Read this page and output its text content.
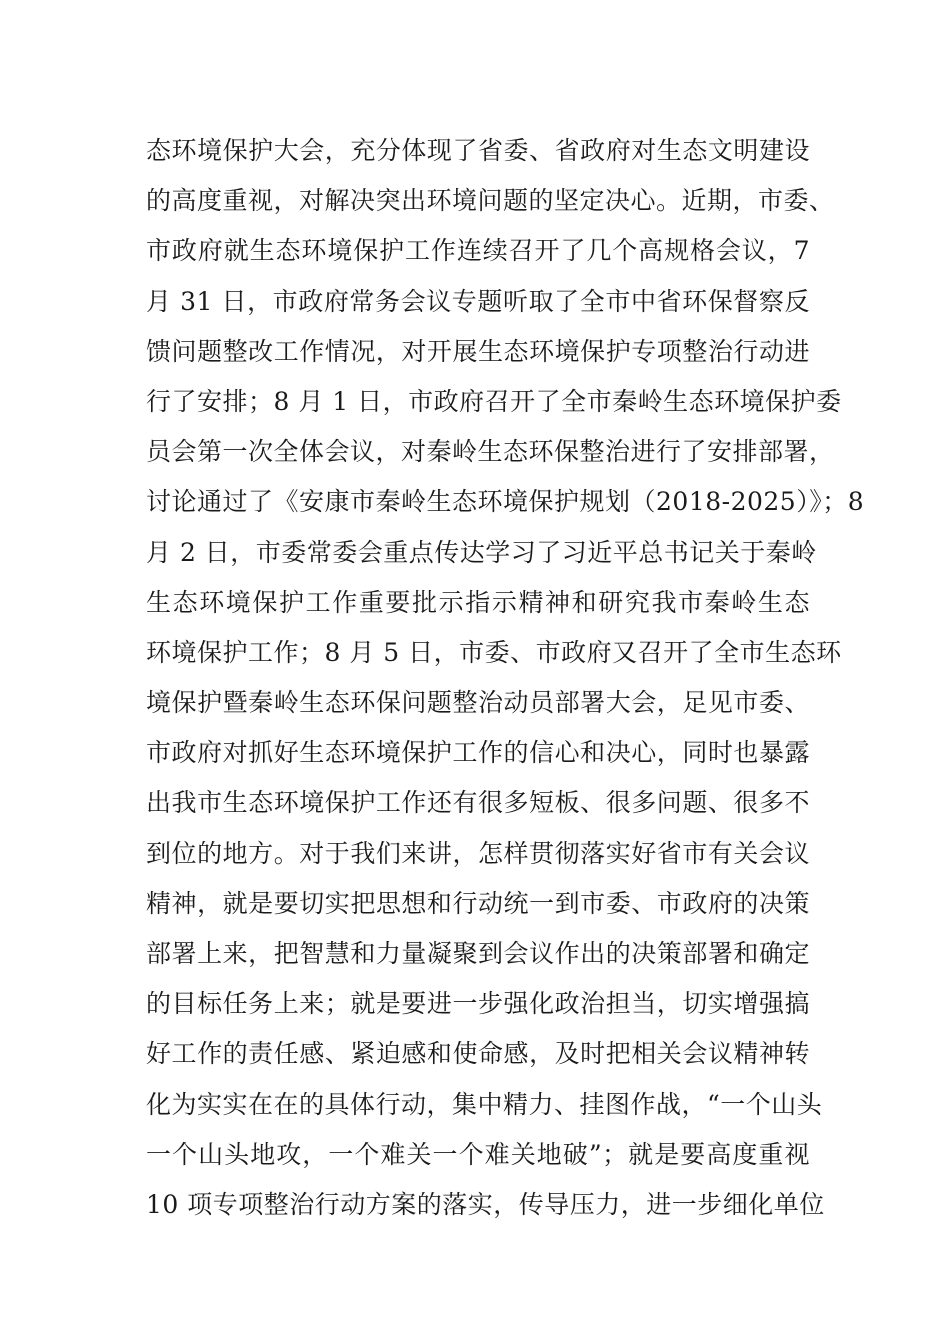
态环境保护大会，充分体现了省委、省政府对生态文明建设
的高度重视，对解决突出环境问题的坚定决心。近期，市委、
市政府就生态环境保护工作连续召开了几个高规格会议，7
月 31 日，市政府常务会议专题听取了全市中省环保督察反
馈问题整改工作情况，对开展生态环境保护专项整治行动进
行了安排；8 月 1 日，市政府召开了全市秦岭生态环境保护委
员会第一次全体会议，对秦岭生态环保整治进行了安排部署，
讨论通过了《安康市秦岭生态环境保护规划（2018-2025）》；8
月 2 日，市委常委会重点传达学习了习近平总书记关于秦岭
生态环境保护工作重要批示指示精神和研究我市秦岭生态
环境保护工作；8 月 5 日，市委、市政府又召开了全市生态环
境保护暨秦岭生态环保问题整治动员部署大会，足见市委、
市政府对抓好生态环境保护工作的信心和决心，同时也暴露
出我市生态环境保护工作还有很多短板、很多问题、很多不
到位的地方。对于我们来讲，怎样贯彻落实好省市有关会议
精神，就是要切实把思想和行动统一到市委、市政府的决策
部署上来，把智慧和力量凝聚到会议作出的决策部署和确定
的目标任务上来；就是要进一步强化政治担当，切实增强搞
好工作的责任感、紧迫感和使命感，及时把相关会议精神转
化为实实在在的具体行动，集中精力、挂图作战，“一个山头
一个山头地攻，一个难关一个难关地破”；就是要高度重视
10 项专项整治行动方案的落实，传导压力，进一步细化单位
